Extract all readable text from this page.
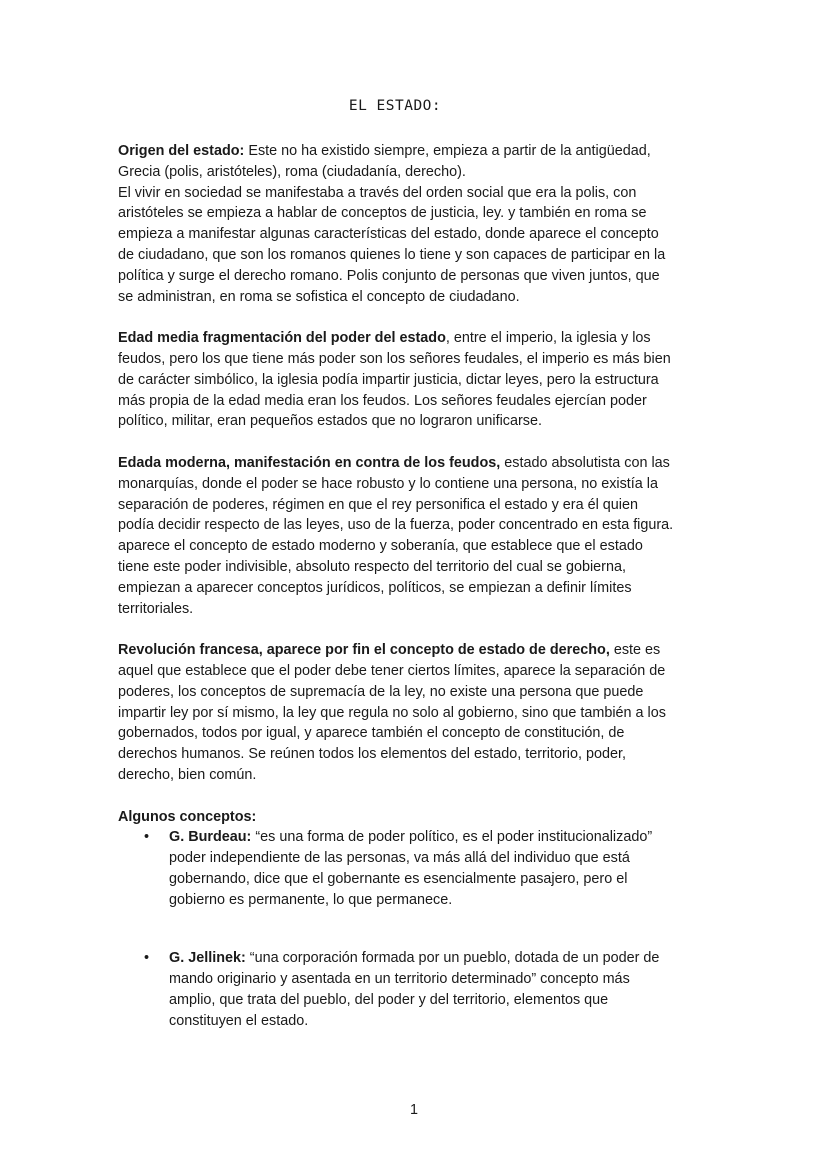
EL ESTADO:

Origen del estado: Este no ha existido siempre, empieza a partir de la antigüedad,
Grecia (polis, aristóteles), roma (ciudadanía, derecho).
El vivir en sociedad se manifestaba a través del orden social que era la polis, con
aristóteles se empieza a hablar de conceptos de justicia, ley. y también en roma se
empieza a manifestar algunas características del estado, donde aparece el concepto
de ciudadano, que son los romanos quienes lo tiene y son capaces de participar en la
política y surge el derecho romano. Polis conjunto de personas que viven juntos, que
se administran, en roma se sofistica el concepto de ciudadano.

Edad media fragmentación del poder del estado, entre el imperio, la iglesia y los
feudos, pero los que tiene más poder son los señores feudales, el imperio es más bien
de carácter simbólico, la iglesia podía impartir justicia, dictar leyes, pero la estructura
más propia de la edad media eran los feudos. Los señores feudales ejercían poder
político, militar, eran pequeños estados que no lograron unificarse.

Edada moderna, manifestación en contra de los feudos, estado absolutista con las
monarquías, donde el poder se hace robusto y lo contiene una persona, no existía la
separación de poderes, régimen en que el rey personifica el estado y era él quien
podía decidir respecto de las leyes, uso de la fuerza, poder concentrado en esta figura.
aparece el concepto de estado moderno y soberanía, que establece que el estado
tiene este poder indivisible, absoluto respecto del territorio del cual se gobierna,
empiezan a aparecer conceptos jurídicos, políticos, se empiezan a definir límites
territoriales.

Revolución francesa, aparece por fin el concepto de estado de derecho, este es
aquel que establece que el poder debe tener ciertos límites, aparece la separación de
poderes, los conceptos de supremacía de la ley, no existe una persona que puede
impartir ley por sí mismo, la ley que regula no solo al gobierno, sino que también a los
gobernados, todos por igual, y aparece también el concepto de constitución, de
derechos humanos. Se reúnen todos los elementos del estado, territorio, poder,
derecho, bien común.

Algunos conceptos:

• G. Burdeau: “es una forma de poder político, es el poder institucionalizado”
poder independiente de las personas, va más allá del individuo que está
gobernando, dice que el gobernante es esencialmente pasajero, pero el
gobierno es permanente, lo que permanece.
• G. Jellinek: “una corporación formada por un pueblo, dotada de un poder de
mando originario y asentada en un territorio determinado” concepto más
amplio, que trata del pueblo, del poder y del territorio, elementos que
constituyen el estado.
1
